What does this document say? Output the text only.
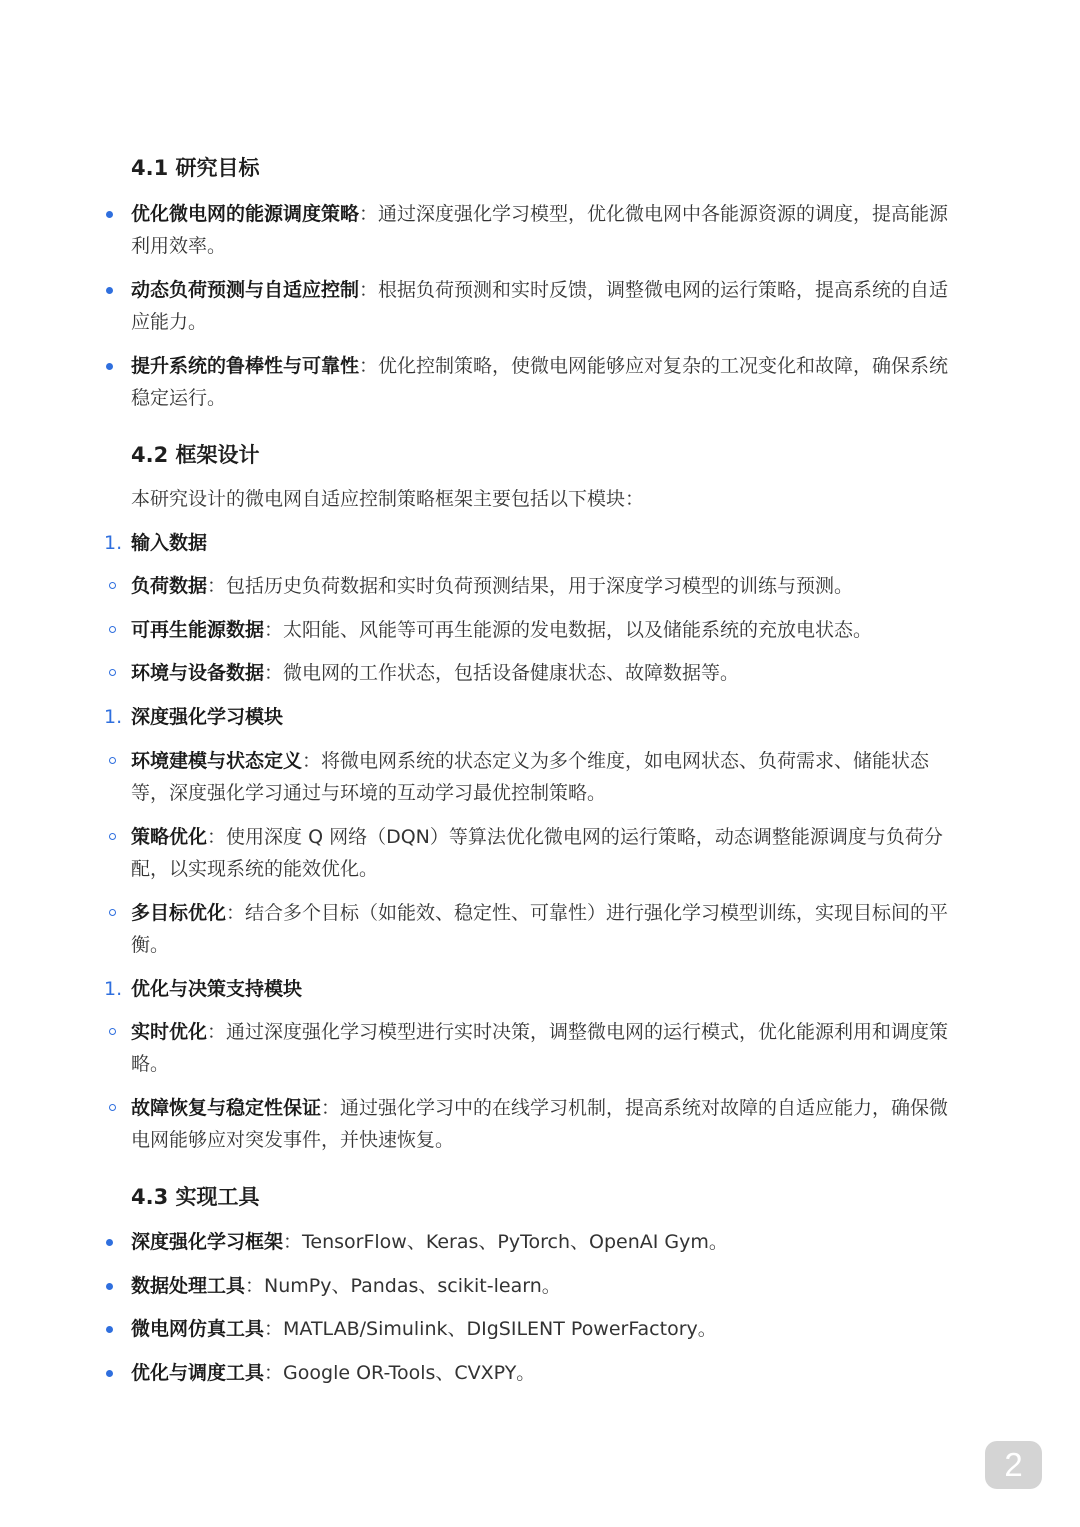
4.1 研究目标
优化微电网的能源调度策略：通过深度强化学习模型，优化微电网中各能源资源的调度，提高能源利用效率。
动态负荷预测与自适应控制：根据负荷预测和实时反馈，调整微电网的运行策略，提高系统的自适应能力。
提升系统的鲁棒性与可靠性：优化控制策略，使微电网能够应对复杂的工况变化和故障，确保系统稳定运行。
4.2 框架设计
本研究设计的微电网自适应控制策略框架主要包括以下模块：
1. 输入数据
负荷数据：包括历史负荷数据和实时负荷预测结果，用于深度学习模型的训练与预测。
可再生能源数据：太阳能、风能等可再生能源的发电数据，以及储能系统的充放电状态。
环境与设备数据：微电网的工作状态，包括设备健康状态、故障数据等。
1. 深度强化学习模块
环境建模与状态定义：将微电网系统的状态定义为多个维度，如电网状态、负荷需求、储能状态等，深度强化学习通过与环境的互动学习最优控制策略。
策略优化：使用深度 Q 网络（DQN）等算法优化微电网的运行策略，动态调整能源调度与负荷分配，以实现系统的能效优化。
多目标优化：结合多个目标（如能效、稳定性、可靠性）进行强化学习模型训练，实现目标间的平衡。
1. 优化与决策支持模块
实时优化：通过深度强化学习模型进行实时决策，调整微电网的运行模式，优化能源利用和调度策略。
故障恢复与稳定性保证：通过强化学习中的在线学习机制，提高系统对故障的自适应能力，确保微电网能够应对突发事件，并快速恢复。
4.3 实现工具
深度强化学习框架：TensorFlow、Keras、PyTorch、OpenAI Gym。
数据处理工具：NumPy、Pandas、scikit-learn。
微电网仿真工具：MATLAB/Simulink、DIgSILENT PowerFactory。
优化与调度工具：Google OR-Tools、CVXPY。
2
